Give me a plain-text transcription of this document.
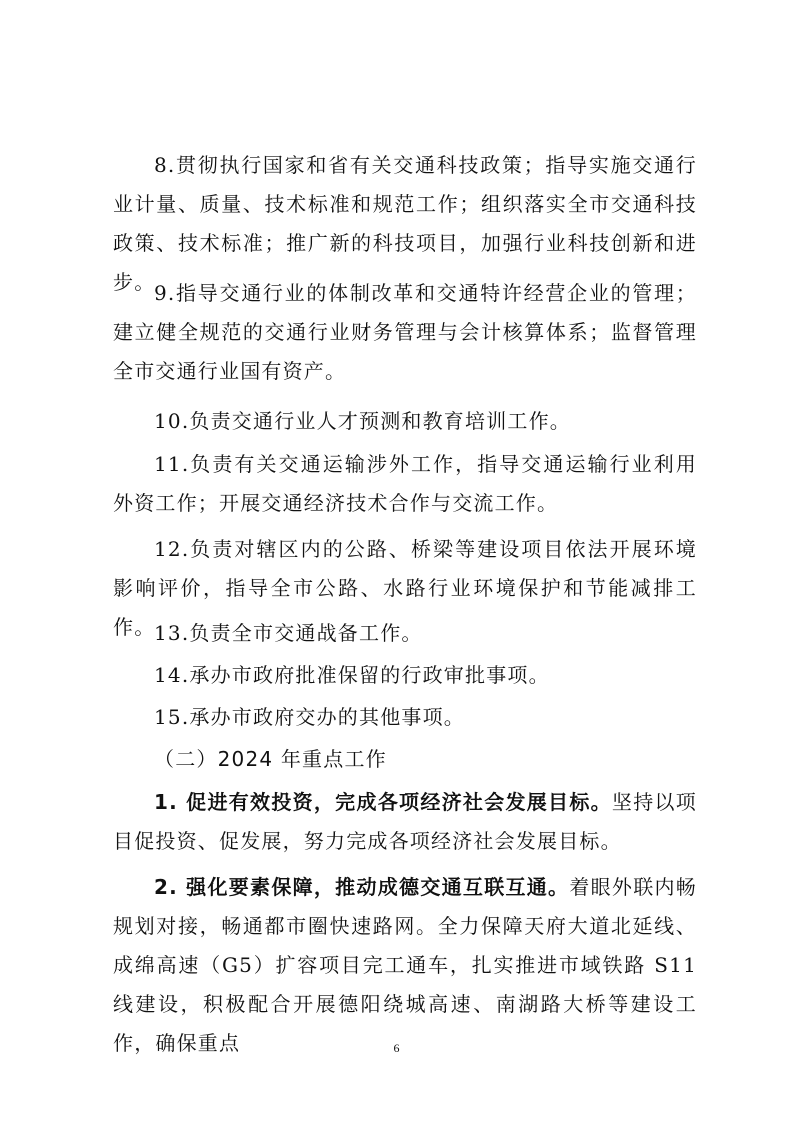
8.贯彻执行国家和省有关交通科技政策；指导实施交通行业计量、质量、技术标准和规范工作；组织落实全市交通科技政策、技术标准；推广新的科技项目，加强行业科技创新和进步。

9.指导交通行业的体制改革和交通特许经营企业的管理；建立健全规范的交通行业财务管理与会计核算体系；监督管理全市交通行业国有资产。

10.负责交通行业人才预测和教育培训工作。

11.负责有关交通运输涉外工作，指导交通运输行业利用外资工作；开展交通经济技术合作与交流工作。

12.负责对辖区内的公路、桥梁等建设项目依法开展环境影响评价，指导全市公路、水路行业环境保护和节能减排工作。

13.负责全市交通战备工作。

14.承办市政府批准保留的行政审批事项。

15.承办市政府交办的其他事项。

（二）2024 年重点工作

1. 促进有效投资，完成各项经济社会发展目标。坚持以项目促投资、促发展，努力完成各项经济社会发展目标。

2. 强化要素保障，推动成德交通互联互通。着眼外联内畅规划对接，畅通都市圈快速路网。全力保障天府大道北延线、成绵高速（G5）扩容项目完工通车，扎实推进市域铁路 S11 线建设，积极配合开展德阳绕城高速、南湖路大桥等建设工作，确保重点	6
